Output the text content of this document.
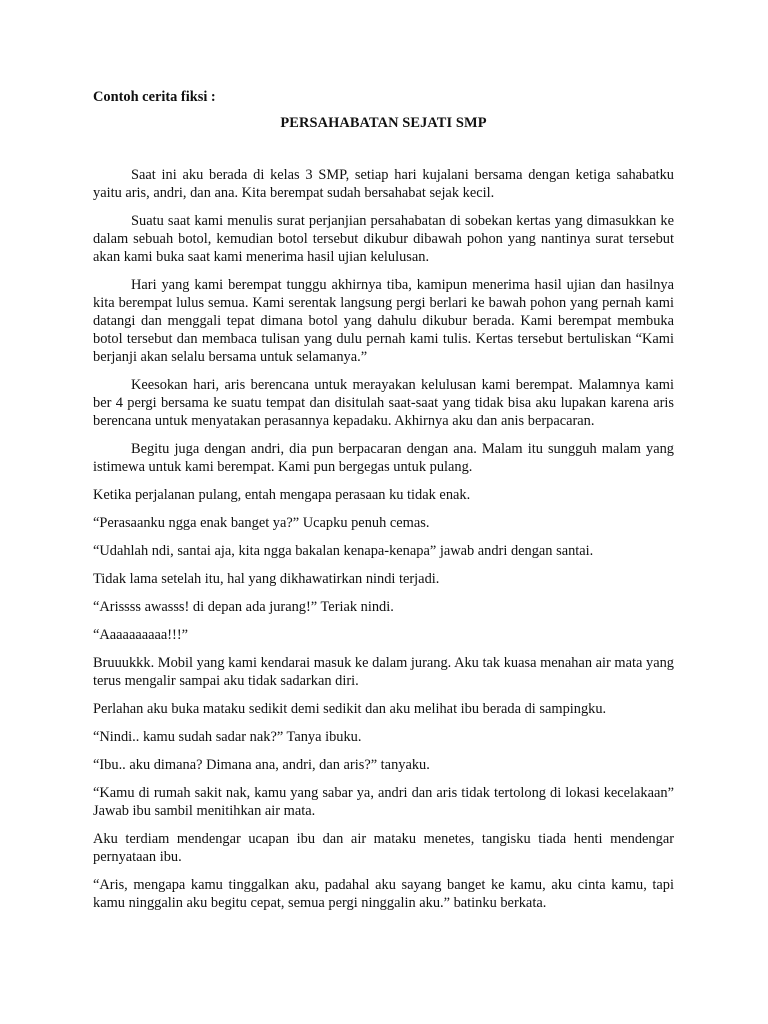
Contoh cerita fiksi :
PERSAHABATAN SEJATI SMP

Saat ini aku berada di kelas 3 SMP, setiap hari kujalani bersama dengan ketiga sahabatku yaitu aris, andri, dan ana. Kita berempat sudah bersahabat sejak kecil.

Suatu saat kami menulis surat perjanjian persahabatan di sobekan kertas yang dimasukkan ke dalam sebuah botol, kemudian botol tersebut dikubur dibawah pohon yang nantinya surat tersebut akan kami buka saat kami menerima hasil ujian kelulusan.

Hari yang kami berempat tunggu akhirnya tiba, kamipun menerima hasil ujian dan hasilnya kita berempat lulus semua. Kami serentak langsung pergi berlari ke bawah pohon yang pernah kami datangi dan menggali tepat dimana botol yang dahulu dikubur berada. Kami berempat membuka botol tersebut dan membaca tulisan yang dulu pernah kami tulis. Kertas tersebut bertuliskan “Kami berjanji akan selalu bersama untuk selamanya.”

Keesokan hari, aris berencana untuk merayakan kelulusan kami berempat. Malamnya kami ber 4 pergi bersama ke suatu tempat dan disitulah saat-saat yang tidak bisa aku lupakan karena aris berencana untuk menyatakan perasannya kepadaku. Akhirnya aku dan anis berpacaran.

Begitu juga dengan andri, dia pun berpacaran dengan ana. Malam itu sungguh malam yang istimewa untuk kami berempat. Kami pun bergegas untuk pulang.

Ketika perjalanan pulang, entah mengapa perasaan ku tidak enak.

“Perasaanku ngga enak banget ya?” Ucapku penuh cemas.

“Udahlah ndi, santai aja, kita ngga bakalan kenapa-kenapa” jawab andri dengan santai.

Tidak lama setelah itu, hal yang dikhawatirkan nindi terjadi.

“Arissss awasss! di depan ada jurang!” Teriak nindi.

“Aaaaaaaaaa!!!”

Bruuukkk. Mobil yang kami kendarai masuk ke dalam jurang. Aku tak kuasa menahan air mata yang terus mengalir sampai aku tidak sadarkan diri.

Perlahan aku buka mataku sedikit demi sedikit dan aku melihat ibu berada di sampingku.

“Nindi.. kamu sudah sadar nak?” Tanya ibuku.

“Ibu.. aku dimana? Dimana ana, andri, dan aris?” tanyaku.

“Kamu di rumah sakit nak, kamu yang sabar ya, andri dan aris tidak tertolong di lokasi kecelakaan” Jawab ibu sambil menitihkan air mata.

Aku terdiam mendengar ucapan ibu dan air mataku menetes, tangisku tiada henti mendengar pernyataan ibu.

“Aris, mengapa kamu tinggalkan aku, padahal aku sayang banget ke kamu, aku cinta kamu, tapi kamu ninggalin aku begitu cepat, semua pergi ninggalin aku.” batinku berkata.
